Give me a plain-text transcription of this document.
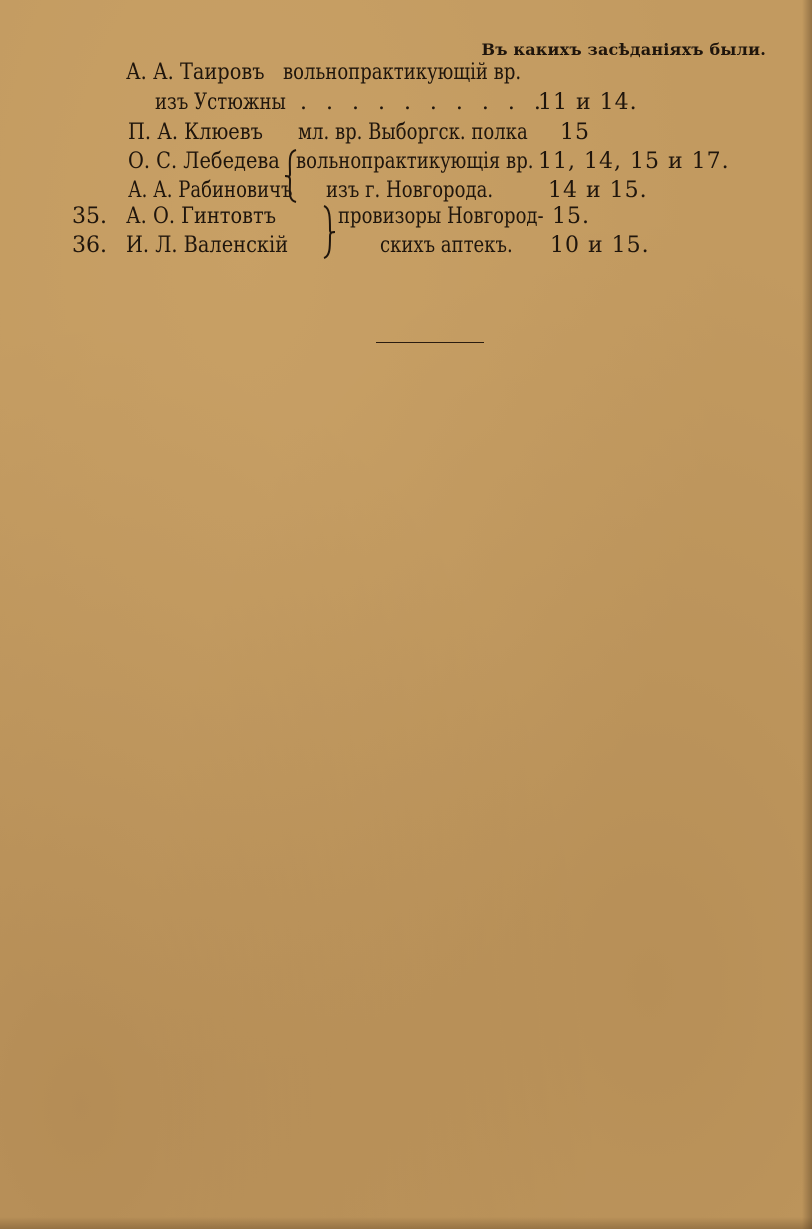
Въ какихъ засѣданіяхъ были.
А. А. Таировъ вольнопрактикующій вр.
изъ Устюжны . . . . . . . . . .
11 и 14.
П. А. Клюевъ мл. вр. Выборгск. полка 15
О. С. Лебедева вольнопрактикующія вр. 11, 14, 15 и 17.
А. А. Рабиновичъ изъ г. Новгорода. 14 и 15.
35. А. О. Гинтовтъ	провизоры Новгород- 15.
36. И. Л. Валенскій	скихъ аптекъ. 10 и 15.
